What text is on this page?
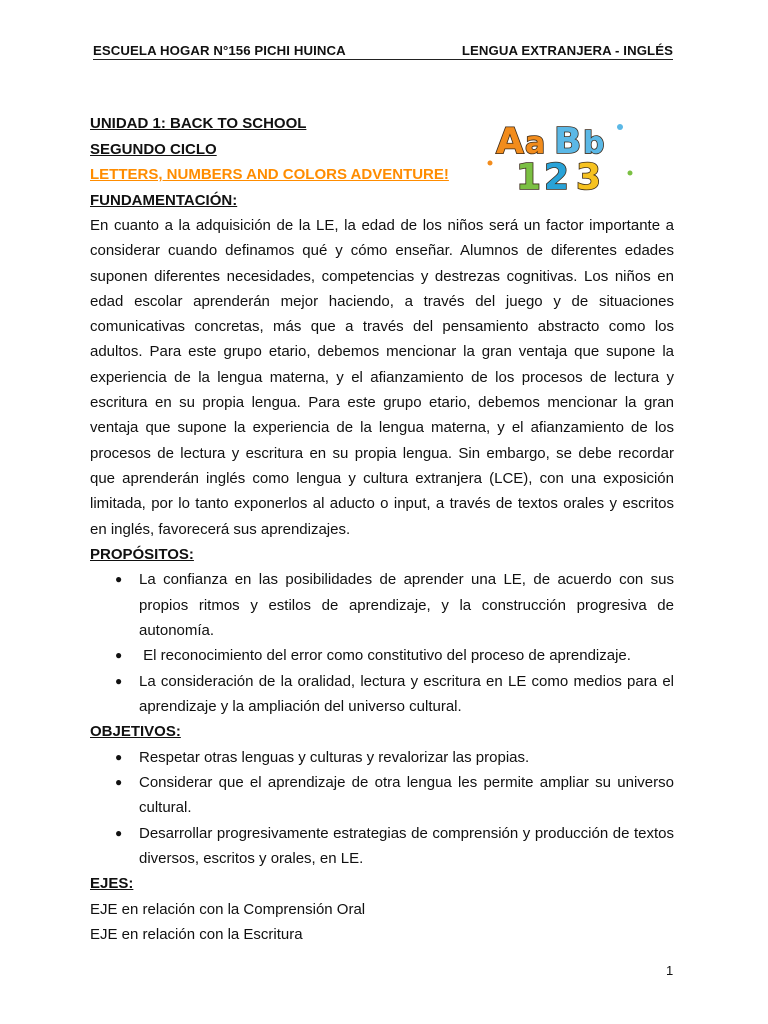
ESCUELA HOGAR N°156 PICHI HUINCA	LENGUA EXTRANJERA - INGLÉS
A a B b
1 2 3
UNIDAD 1: BACK TO SCHOOL
SEGUNDO CICLO
LETTERS, NUMBERS AND COLORS ADVENTURE!
FUNDAMENTACIÓN:

En cuanto a la adquisición de la LE, la edad de los niños será un factor importante a considerar cuando definamos qué y cómo enseñar. Alumnos de diferentes edades suponen diferentes necesidades, competencias y destrezas cognitivas. Los niños en edad escolar aprenderán mejor haciendo, a través del juego y de situaciones comunicativas concretas, más que a través del pensamiento abstracto como los adultos. Para este grupo etario, debemos mencionar la gran ventaja que supone la experiencia de la lengua materna, y el afianzamiento de los procesos de lectura y escritura en su propia lengua. Para este grupo etario, debemos mencionar la gran ventaja que supone la experiencia de la lengua materna, y el afianzamiento de los procesos de lectura y escritura en su propia lengua. Sin embargo, se debe recordar que aprenderán inglés como lengua y cultura extranjera (LCE), con una exposición limitada, por lo tanto exponerlos al aducto o input, a través de textos orales y escritos en inglés, favorecerá sus aprendizajes.

PROPÓSITOS:
● La confianza en las posibilidades de aprender una LE, de acuerdo con sus propios ritmos y estilos de aprendizaje, y la construcción progresiva de autonomía.
● El reconocimiento del error como constitutivo del proceso de aprendizaje.
● La consideración de la oralidad, lectura y escritura en LE como medios para el aprendizaje y la ampliación del universo cultural.
OBJETIVOS:
● Respetar otras lenguas y culturas y revalorizar las propias.
● Considerar que el aprendizaje de otra lengua les permite ampliar su universo cultural.
● Desarrollar progresivamente estrategias de comprensión y producción de textos diversos, escritos y orales, en LE.
EJES:
EJE en relación con la Comprensión Oral
EJE en relación con la Escritura
1
